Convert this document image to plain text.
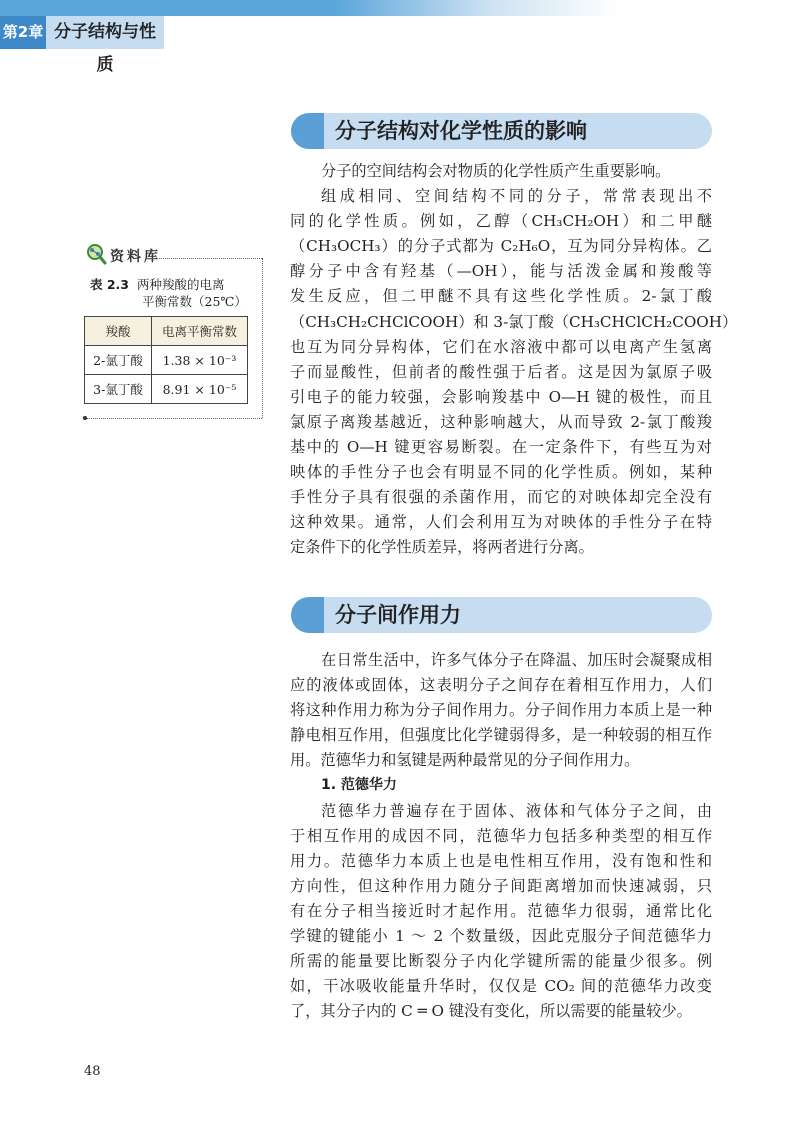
第2章 分子结构与性质
资料库
表 2.3 两种羧酸的电离
平衡常数（25℃）
羧酸	电离平衡常数
2-氯丁酸	1.38 × 10⁻³
3-氯丁酸	8.91 × 10⁻⁵
分子结构对化学性质的影响
分子的空间结构会对物质的化学性质产生重要影响。
组成相同、空间结构不同的分子，常常表现出不
同的化学性质。例如，乙醇（CH₃CH₂OH）和二甲醚
（CH₃OCH₃）的分子式都为 C₂H₆O，互为同分异构体。乙
醇分子中含有羟基（—OH），能与活泼金属和羧酸等
发生反应，但二甲醚不具有这些化学性质。2-氯丁酸
（CH₃CH₂CHClCOOH）和 3-氯丁酸（CH₃CHClCH₂COOH）
也互为同分异构体，它们在水溶液中都可以电离产生氢离
子而显酸性，但前者的酸性强于后者。这是因为氯原子吸
引电子的能力较强，会影响羧基中 O—H 键的极性，而且
氯原子离羧基越近，这种影响越大，从而导致 2-氯丁酸羧
基中的 O—H 键更容易断裂。在一定条件下，有些互为对
映体的手性分子也会有明显不同的化学性质。例如，某种
手性分子具有很强的杀菌作用，而它的对映体却完全没有
这种效果。通常，人们会利用互为对映体的手性分子在特
定条件下的化学性质差异，将两者进行分离。
分子间作用力
在日常生活中，许多气体分子在降温、加压时会凝聚成相
应的液体或固体，这表明分子之间存在着相互作用力，人们
将这种作用力称为分子间作用力。分子间作用力本质上是一种
静电相互作用，但强度比化学键弱得多，是一种较弱的相互作
用。范德华力和氢键是两种最常见的分子间作用力。
1. 范德华力
范德华力普遍存在于固体、液体和气体分子之间，由
于相互作用的成因不同，范德华力包括多种类型的相互作
用力。范德华力本质上也是电性相互作用，没有饱和性和
方向性，但这种作用力随分子间距离增加而快速减弱，只
有在分子相当接近时才起作用。范德华力很弱，通常比化
学键的键能小 1 ～ 2 个数量级，因此克服分子间范德华力
所需的能量要比断裂分子内化学键所需的能量少很多。例
如，干冰吸收能量升华时，仅仅是 CO₂ 间的范德华力改变
了，其分子内的 C ═ O 键没有变化，所以需要的能量较少。
48
